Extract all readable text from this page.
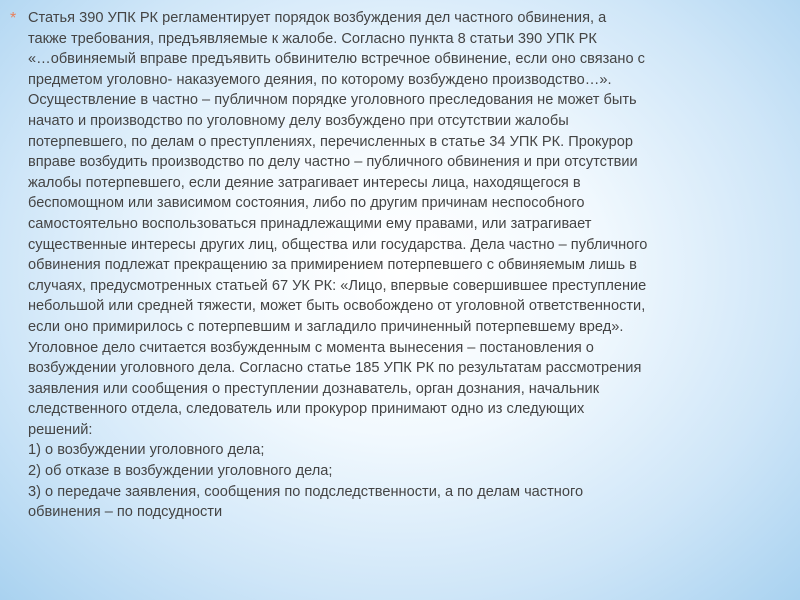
* Статья 390 УПК РК регламентирует порядок возбуждения дел частного обвинения, а
также требования, предъявляемые к жалобе. Согласно пункта 8 статьи 390 УПК РК
«…обвиняемый вправе предъявить обвинителю встречное обвинение, если оно связано с
предметом уголовно- наказуемого деяния, по которому возбуждено производство…».
Осуществление в частно – публичном порядке уголовного преследования не может быть
начато и производство по уголовному делу возбуждено при отсутствии жалобы
потерпевшего, по делам о преступлениях, перечисленных в статье 34 УПК РК. Прокурор
вправе возбудить производство по делу частно – публичного обвинения и при отсутствии
жалобы потерпевшего, если деяние затрагивает интересы лица, находящегося в
беспомощном или зависимом состояния, либо по другим причинам неспособного
самостоятельно воспользоваться принадлежащими ему правами, или затрагивает
существенные интересы других лиц, общества или государства. Дела частно – публичного
обвинения подлежат прекращению за примирением потерпевшего с обвиняемым лишь в
случаях, предусмотренных статьей 67 УК РК: «Лицо, впервые совершившее преступление
небольшой или средней тяжести, может быть освобождено от уголовной ответственности,
если оно примирилось с потерпевшим и загладило причиненный потерпевшему вред».
Уголовное дело считается возбужденным с момента вынесения – постановления о
возбуждении уголовного дела. Согласно статье 185 УПК РК по результатам рассмотрения
заявления или сообщения о преступлении дознаватель, орган дознания, начальник
следственного отдела, следователь или прокурор принимают одно из следующих
решений:
1) о возбуждении уголовного дела;
2) об отказе в возбуждении уголовного дела;
3) о передаче заявления, сообщения по подследственности, а по делам частного
обвинения – по подсудности
